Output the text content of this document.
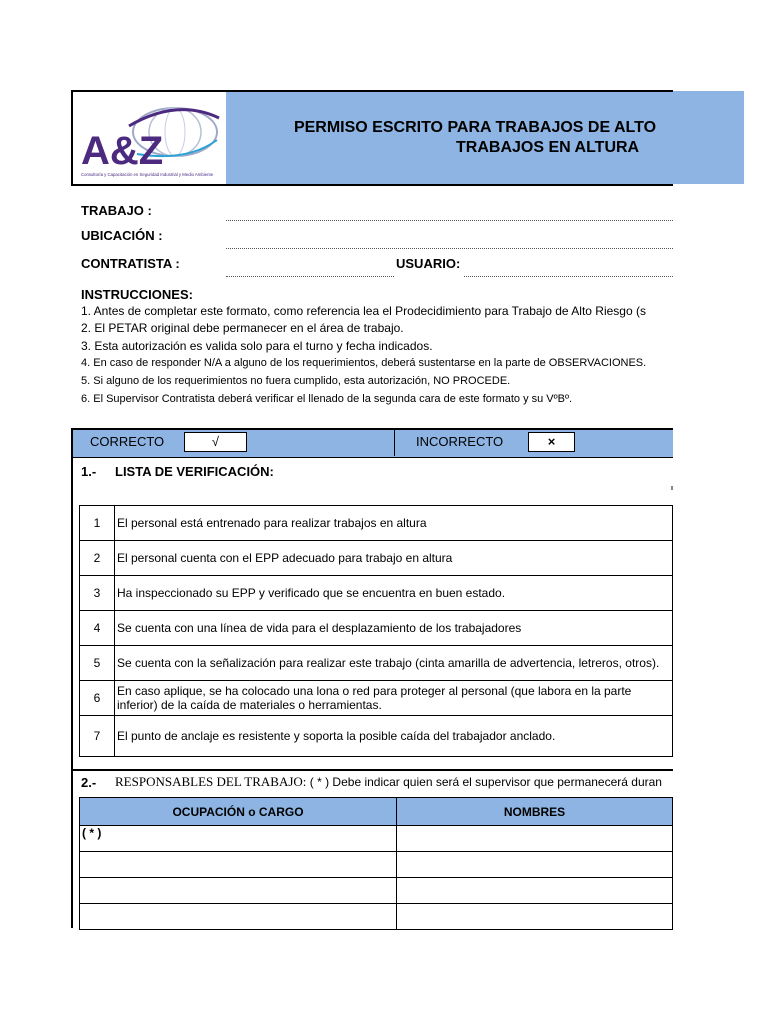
A&Z
Consultoría y Capacitación en Seguridad Industrial y Medio Ambiente
PERMISO ESCRITO PARA TRABAJOS DE ALTO
TRABAJOS EN ALTURA
TRABAJO :
UBICACIÓN :
CONTRATISTA :	USUARIO:
INSTRUCCIONES:
1. Antes de completar este formato, como referencia lea el Prodecidimiento para Trabajo de Alto Riesgo (s
2. El PETAR original debe permanecer en el área de trabajo.
3. Esta autorización es valida solo para el turno y fecha indicados.
4. En caso de responder N/A a alguno de los requerimientos, deberá sustentarse en la parte de OBSERVACIONES.
5. Si alguno de los requerimientos no fuera cumplido, esta autorización, NO PROCEDE.
6. El Supervisor Contratista deberá verificar el llenado de la segunda cara de este formato y su VºBº.
CORRECTO	√	INCORRECTO	×
1.- LISTA DE VERIFICACIÓN:
1	El personal está entrenado para realizar trabajos en altura
2	El personal cuenta con el EPP adecuado para trabajo en altura
3	Ha inspeccionado su EPP y verificado que se encuentra en buen estado.
4	Se cuenta con una línea de vida para el desplazamiento de los trabajadores
5	Se cuenta con la señalización para realizar este trabajo (cinta amarilla de advertencia, letreros, otros).
6	En caso aplique, se ha colocado una lona o red para proteger al personal (que labora en la parte inferior) de la caída de materiales o herramientas.
7	El punto de anclaje es resistente y soporta la posible caída del trabajador anclado.
2.- RESPONSABLES DEL TRABAJO: ( * ) Debe indicar quien será el supervisor que permanecerá duran
OCUPACIÓN o CARGO	NOMBRES
( * )	
